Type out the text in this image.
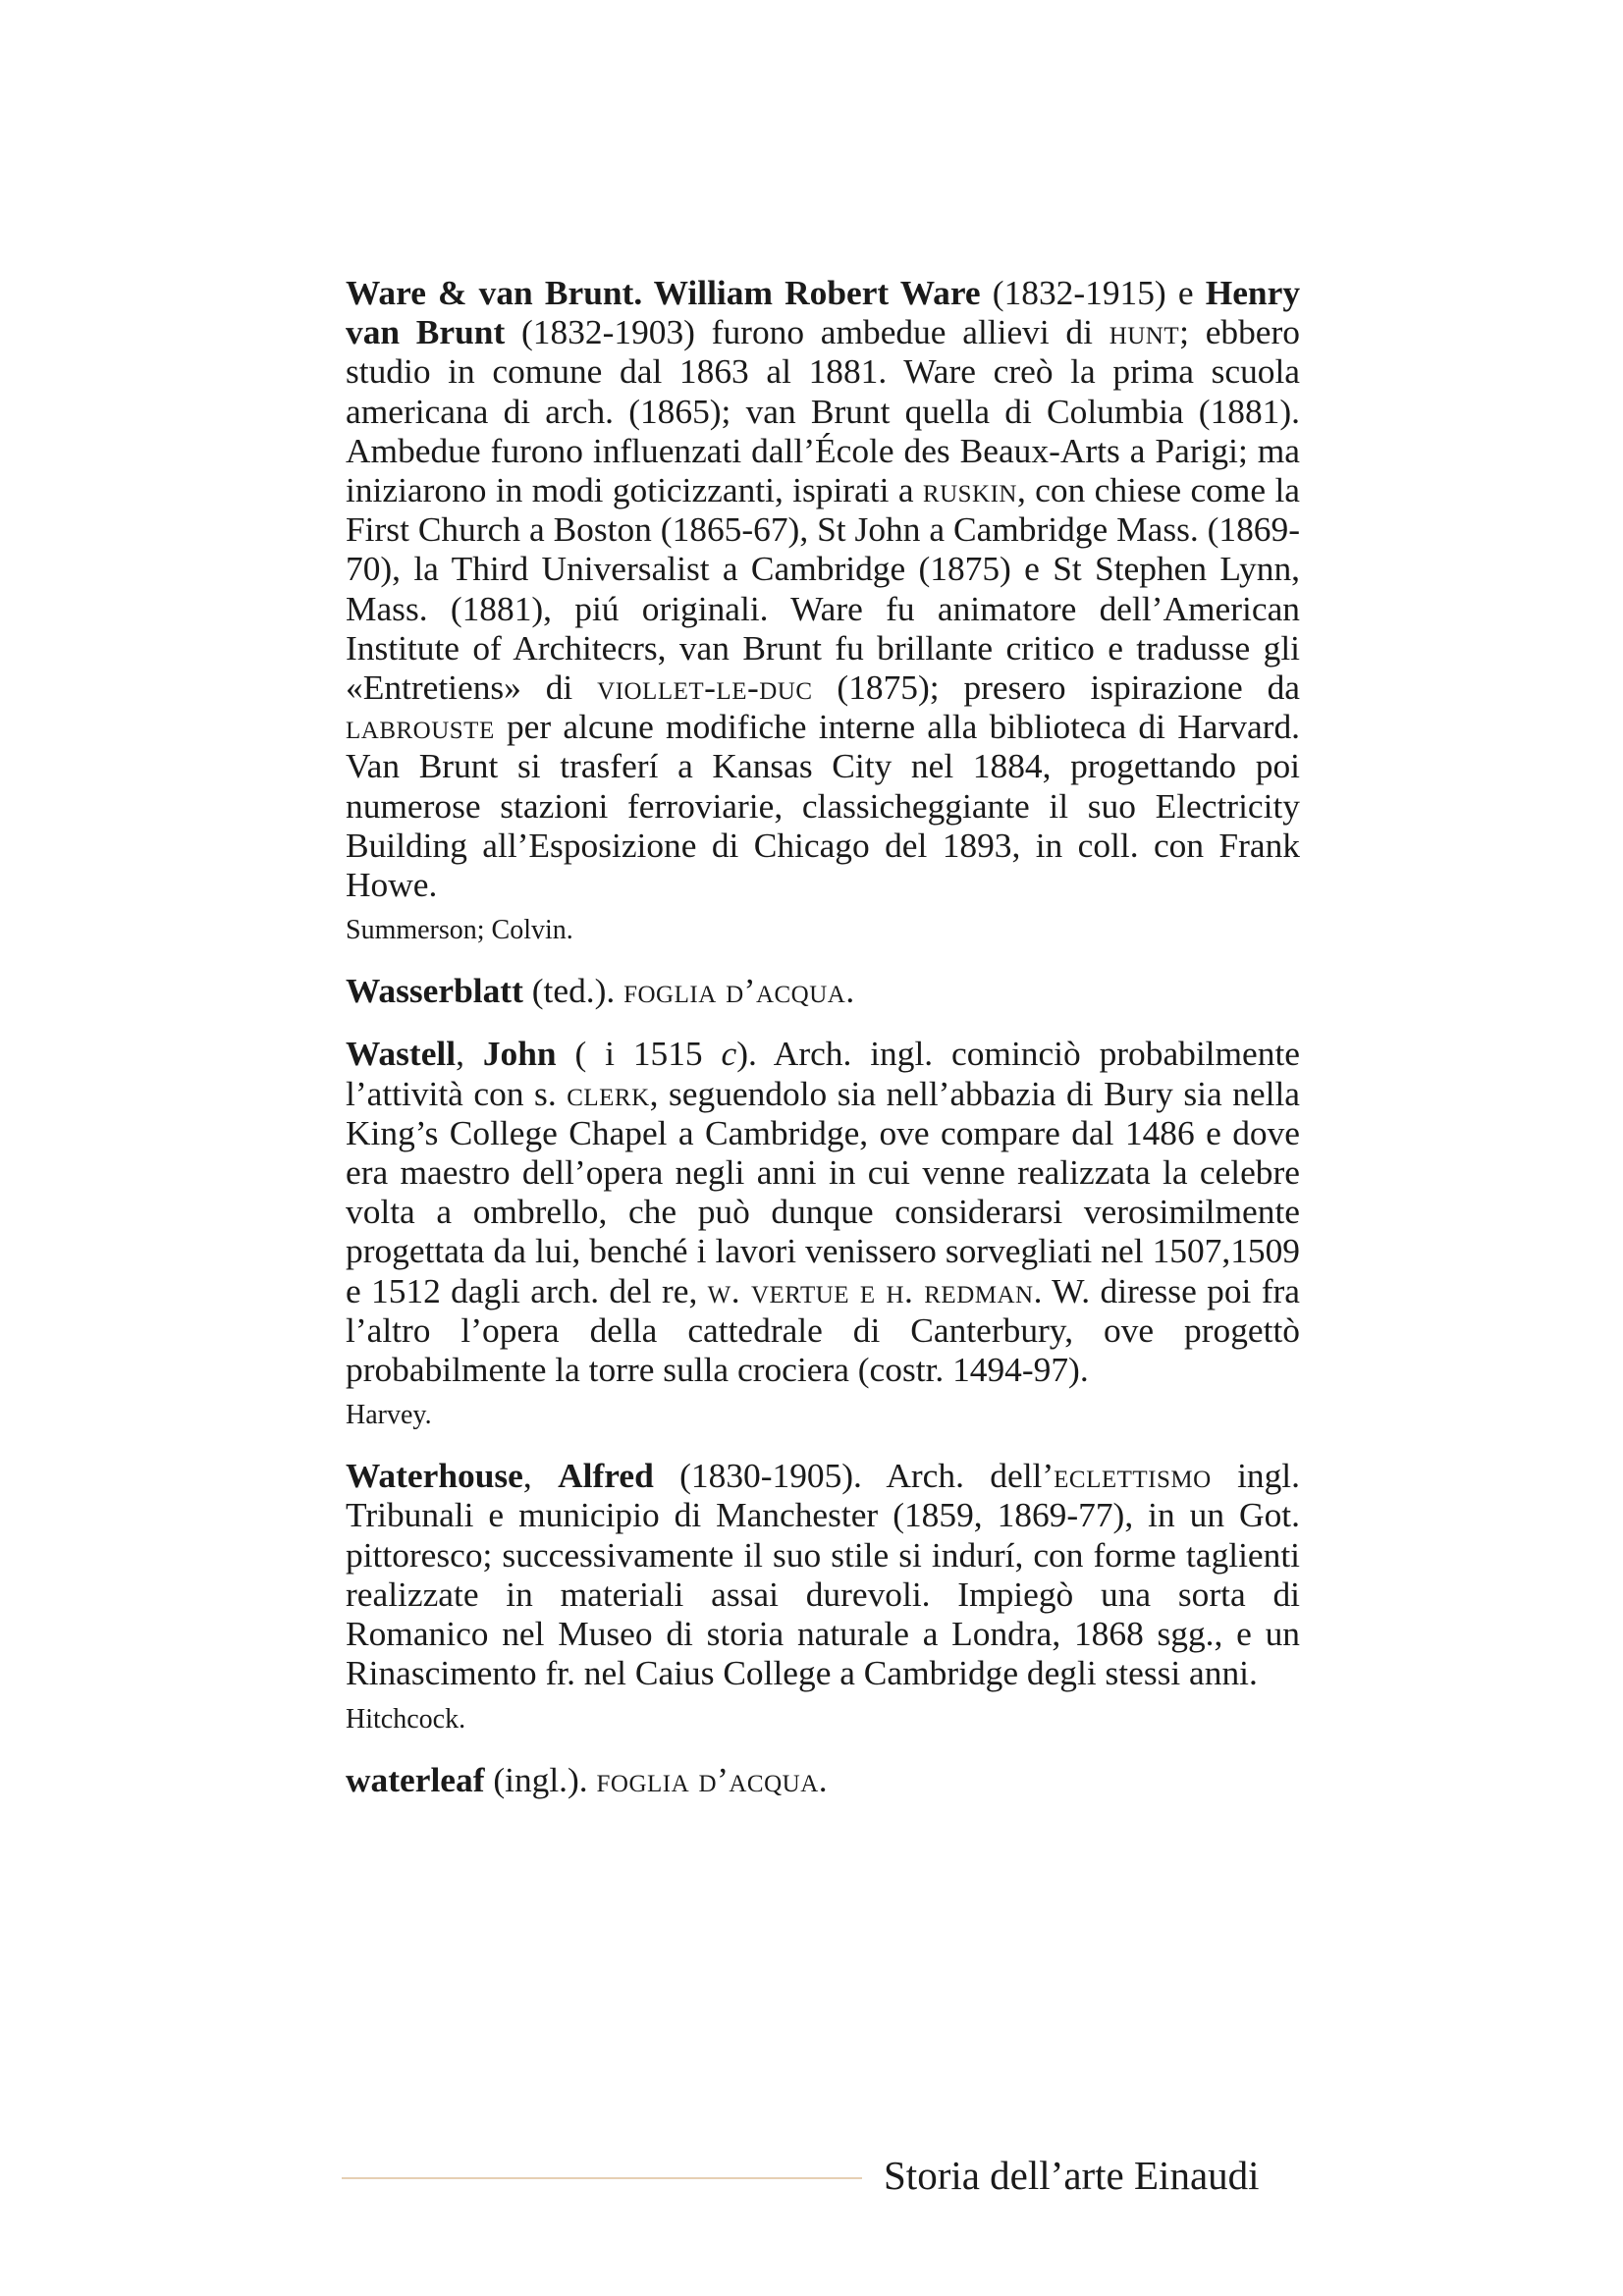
Ware & van Brunt. William Robert Ware (1832-1915) e Henry van Brunt (1832-1903) furono ambedue allievi di hunt; ebbero studio in comune dal 1863 al 1881. Ware creò la prima scuola americana di arch. (1865); van Brunt quella di Columbia (1881). Ambedue furono influenzati dall’École des Beaux-Arts a Parigi; ma iniziarono in modi goticizzanti, ispirati a ruskin, con chiese come la First Church a Boston (1865-67), St John a Cambridge Mass. (1869-70), la Third Universalist a Cambridge (1875) e St Stephen Lynn, Mass. (1881), piú originali. Ware fu animatore dell’American Institute of Architecrs, van Brunt fu brillante critico e tradusse gli «Entretiens» di viollet-le-duc (1875); presero ispirazione da labrouste per alcune modifiche interne alla biblioteca di Harvard. Van Brunt si trasferí a Kansas City nel 1884, progettando poi numerose stazioni ferroviarie, classicheggiante il suo Electricity Building all’Esposizione di Chicago del 1893, in coll. con Frank Howe.

Summerson; Colvin.

Wasserblatt (ted.). foglia d’acqua.

Wastell, John ( i 1515 c). Arch. ingl. cominciò probabilmente l’attività con s. clerk, seguendolo sia nell’abbazia di Bury sia nella King’s College Chapel a Cambridge, ove compare dal 1486 e dove era maestro dell’opera negli anni in cui venne realizzata la celebre volta a ombrello, che può dunque considerarsi verosimilmente progettata da lui, benché i lavori venissero sorvegliati nel 1507,1509 e 1512 dagli arch. del re, w. vertue e h. redman. W. diresse poi fra l’altro l’opera della cattedrale di Canterbury, ove progettò probabilmente la torre sulla crociera (costr. 1494-97).

Harvey.

Waterhouse, Alfred (1830-1905). Arch. dell’eclettismo ingl. Tribunali e municipio di Manchester (1859, 1869-77), in un Got. pittoresco; successivamente il suo stile si indurí, con forme taglienti realizzate in materiali assai durevoli. Impiegò una sorta di Romanico nel Museo di storia naturale a Londra, 1868 sgg., e un Rinascimento fr. nel Caius College a Cambridge degli stessi anni.

Hitchcock.

waterleaf (ingl.). foglia d’acqua.

Storia dell’arte Einaudi
